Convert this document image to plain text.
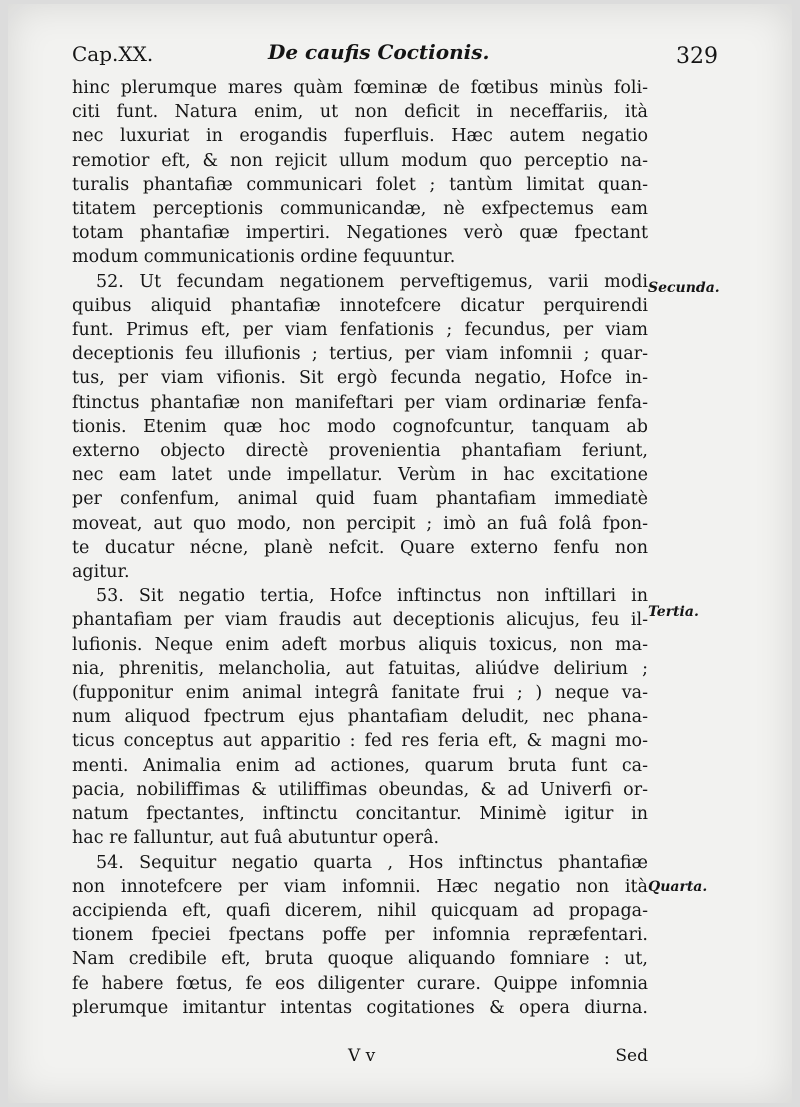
Cap.XX.	De caufis Coctionis.	329
hinc plerumque mares quàm fœminæ de fœtibus minùs foli-
citi funt. Natura enim, ut non deficit in neceffariis, ità
nec luxuriat in erogandis fuperfluis. Hæc autem negatio
remotior eft, & non rejicit ullum modum quo perceptio na-
turalis phantafiæ communicari folet ; tantùm limitat quan-
titatem perceptionis communicandæ, nè exfpectemus eam
totam phantafiæ impertiri. Negationes verò quæ fpectant
modum communicationis ordine fequuntur.
52. Ut fecundam negationem perveftigemus, varii modi
quibus aliquid phantafiæ innotefcere dicatur perquirendi
funt. Primus eft, per viam fenfationis ; fecundus, per viam
deceptionis feu illufionis ; tertius, per viam infomnii ; quar-
tus, per viam vifionis. Sit ergò fecunda negatio, Hofce in-
ftinctus phantafiæ non manifeftari per viam ordinariæ fenfa-
tionis. Etenim quæ hoc modo cognofcuntur, tanquam ab
externo objecto directè provenientia phantafiam feriunt,
nec eam latet unde impellatur. Verùm in hac excitatione
per confenfum, animal quid fuam phantafiam immediatè
moveat, aut quo modo, non percipit ; imò an fuâ folâ fpon-
te ducatur nécne, planè nefcit. Quare externo fenfu non
agitur.
53. Sit negatio tertia, Hofce inftinctus non inftillari in
phantafiam per viam fraudis aut deceptionis alicujus, feu il-
lufionis. Neque enim adeft morbus aliquis toxicus, non ma-
nia, phrenitis, melancholia, aut fatuitas, aliúdve delirium ;
(fupponitur enim animal integrâ fanitate frui ; ) neque va-
num aliquod fpectrum ejus phantafiam deludit, nec phana-
ticus conceptus aut apparitio : fed res feria eft, & magni mo-
menti. Animalia enim ad actiones, quarum bruta funt ca-
pacia, nobiliffimas & utiliffimas obeundas, & ad Univerfi or-
natum fpectantes, inftinctu concitantur. Minimè igitur in
hac re falluntur, aut fuâ abutuntur operâ.
54. Sequitur negatio quarta , Hos inftinctus phantafiæ
non innotefcere per viam infomnii. Hæc negatio non ità
accipienda eft, quafi dicerem, nihil quicquam ad propaga-
tionem fpeciei fpectans poffe per infomnia repræfentari.
Nam credibile eft, bruta quoque aliquando fomniare : ut,
fe habere fœtus, fe eos diligenter curare. Quippe infomnia
plerumque imitantur intentas cogitationes & opera diurna.
Secunda.
Tertia.
Quarta.
V v	Sed
